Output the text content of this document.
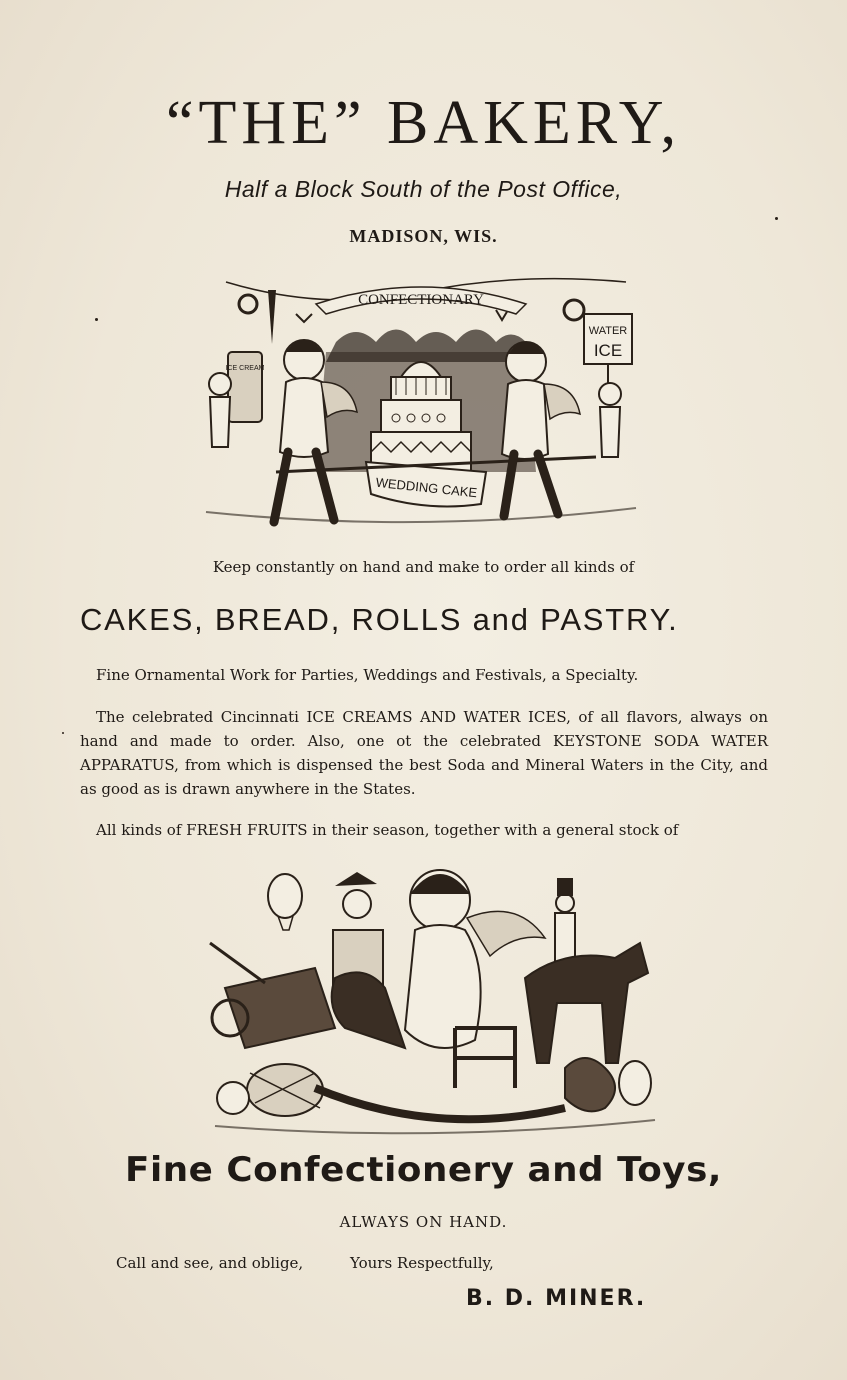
“THE” BAKERY,
Half a Block South of the Post Office,
MADISON, WIS.
CONFECTIONARY
WATER
ICE
ICE CREAM
WEDDING CAKE
Keep constantly on hand and make to order all kinds of
CAKES, BREAD, ROLLS and PASTRY.
Fine Ornamental Work for Parties, Weddings and Festivals, a Specialty.
The celebrated Cincinnati ICE CREAMS AND WATER ICES, of all flavors, always on hand and made to order. Also, one ot the celebrated KEYSTONE SODA WATER APPARATUS, from which is dispensed the best Soda and Mineral Waters in the City, and as good as is drawn anywhere in the States.
All kinds of FRESH FRUITS in their season, together with a general stock of
Fine Confectionery and Toys,
ALWAYS ON HAND.
Call and see, and oblige,	Yours Respectfully,
B. D. MINER.
